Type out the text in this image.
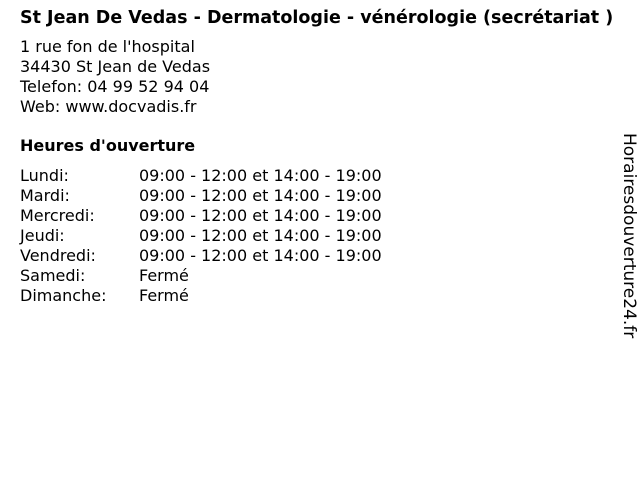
St Jean De Vedas - Dermatologie - vénérologie (secrétariat )
1 rue fon de l'hospital
34430 St Jean de Vedas
Telefon: 04 99 52 94 04
Web: www.docvadis.fr
Heures d'ouverture
Lundi:	09:00 - 12:00 et 14:00 - 19:00
Mardi:	09:00 - 12:00 et 14:00 - 19:00
Mercredi:	09:00 - 12:00 et 14:00 - 19:00
Jeudi:	09:00 - 12:00 et 14:00 - 19:00
Vendredi:	09:00 - 12:00 et 14:00 - 19:00
Samedi:	Fermé
Dimanche:	Fermé	Horairesdouverture24.fr
